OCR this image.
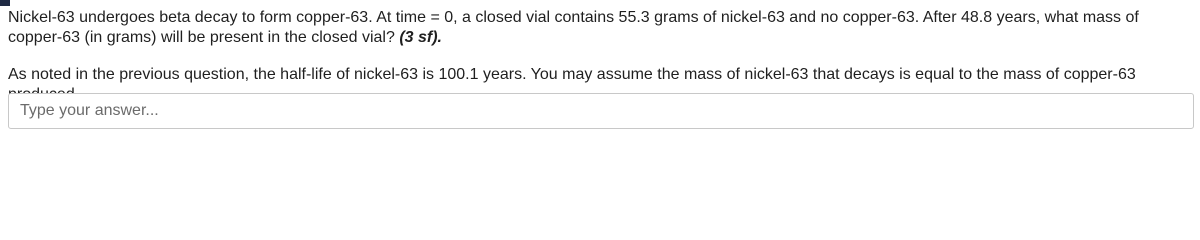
Nickel-63 undergoes beta decay to form copper-63. At time = 0, a closed vial contains 55.3 grams of nickel-63 and no copper-63. After 48.8 years, what mass of copper-63 (in grams) will be present in the closed vial? (3 sf).
As noted in the previous question, the half-life of nickel-63 is 100.1 years. You may assume the mass of nickel-63 that decays is equal to the mass of copper-63
Type your answer...
